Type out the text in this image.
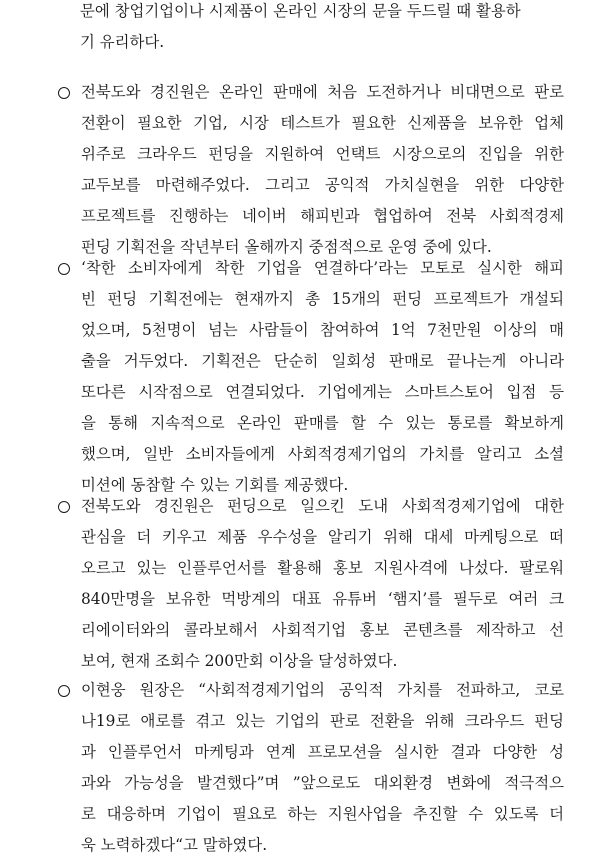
문에 창업기업이나 시제품이 온라인 시장의 문을 두드릴 때 활용하
기 유리하다.
전북도와 경진원은 온라인 판매에 처음 도전하거나 비대면으로 판로
전환이 필요한 기업, 시장 테스트가 필요한 신제품을 보유한 업체
위주로 크라우드 펀딩을 지원하여 언택트 시장으로의 진입을 위한
교두보를 마련해주었다. 그리고 공익적 가치실현을 위한 다양한
프로젝트를 진행하는 네이버 해피빈과 협업하여 전북 사회적경제
펀딩 기획전을 작년부터 올해까지 중점적으로 운영 중에 있다.
‘착한 소비자에게 착한 기업을 연결하다’라는 모토로 실시한 해피
빈 펀딩 기획전에는 현재까지 총 15개의 펀딩 프로젝트가 개설되
었으며, 5천명이 넘는 사람들이 참여하여 1억 7천만원 이상의 매
출을 거두었다. 기획전은 단순히 일회성 판매로 끝나는게 아니라
또다른 시작점으로 연결되었다. 기업에게는 스마트스토어 입점 등
을 통해 지속적으로 온라인 판매를 할 수 있는 통로를 확보하게
했으며, 일반 소비자들에게 사회적경제기업의 가치를 알리고 소셜
미션에 동참할 수 있는 기회를 제공했다.
전북도와 경진원은 펀딩으로 일으킨 도내 사회적경제기업에 대한
관심을 더 키우고 제품 우수성을 알리기 위해 대세 마케팅으로 떠
오르고 있는 인플루언서를 활용해 홍보 지원사격에 나섰다. 팔로워
840만명을 보유한 먹방계의 대표 유튜버 ‘햄지’를 필두로 여러 크
리에이터와의 콜라보해서 사회적기업 홍보 콘텐츠를 제작하고 선
보여, 현재 조회수 200만회 이상을 달성하였다.
이현웅 원장은 “사회적경제기업의 공익적 가치를 전파하고, 코로
나19로 애로를 겪고 있는 기업의 판로 전환을 위해 크라우드 펀딩
과 인플루언서 마케팅과 연계 프로모션을 실시한 결과 다양한 성
과와 가능성을 발견했다”며 ”앞으로도 대외환경 변화에 적극적으
로 대응하며 기업이 필요로 하는 지원사업을 추진할 수 있도록 더
욱 노력하겠다“고 말하였다.
